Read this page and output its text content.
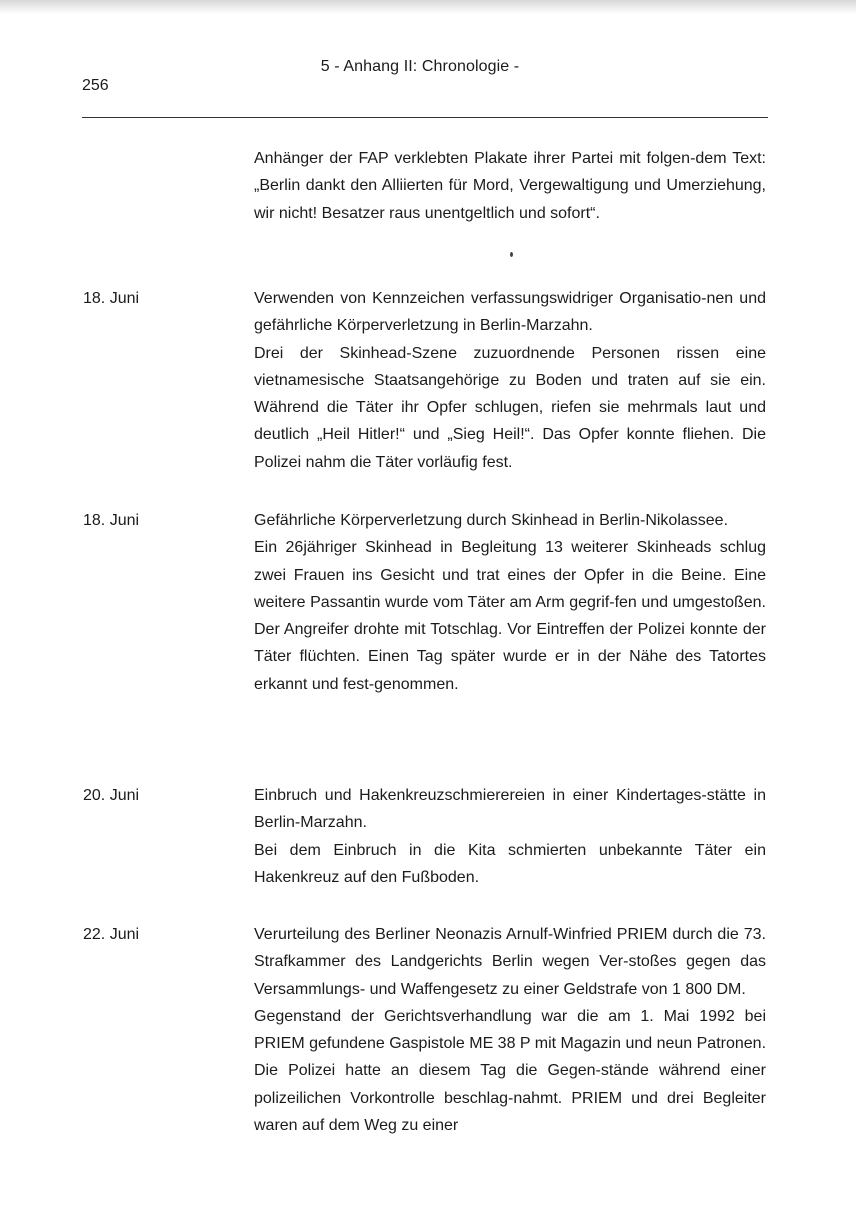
5 - Anhang II: Chronologie -
256

Anhänger der FAP verklebten Plakate ihrer Partei mit folgen-dem Text: „Berlin dankt den Alliierten für Mord, Vergewaltigung und Umerziehung, wir nicht! Besatzer raus unentgeltlich und sofort“.

18. Juni	Verwenden von Kennzeichen verfassungswidriger Organisatio-nen und gefährliche Körperverletzung in Berlin-Marzahn.

Drei der Skinhead-Szene zuzuordnende Personen rissen eine vietnamesische Staatsangehörige zu Boden und traten auf sie ein. Während die Täter ihr Opfer schlugen, riefen sie mehrmals laut und deutlich „Heil Hitler!“ und „Sieg Heil!“. Das Opfer konnte fliehen. Die Polizei nahm die Täter vorläufig fest.

18. Juni	Gefährliche Körperverletzung durch Skinhead in Berlin-Nikolassee.

Ein 26jähriger Skinhead in Begleitung 13 weiterer Skinheads schlug zwei Frauen ins Gesicht und trat eines der Opfer in die Beine. Eine weitere Passantin wurde vom Täter am Arm gegrif-fen und umgestoßen. Der Angreifer drohte mit Totschlag. Vor Eintreffen der Polizei konnte der Täter flüchten. Einen Tag später wurde er in der Nähe des Tatortes erkannt und fest-genommen.

20. Juni	Einbruch und Hakenkreuzschmierereien in einer Kindertages-stätte in Berlin-Marzahn.

Bei dem Einbruch in die Kita schmierten unbekannte Täter ein Hakenkreuz auf den Fußboden.

22. Juni	Verurteilung des Berliner Neonazis Arnulf-Winfried PRIEM durch die 73. Strafkammer des Landgerichts Berlin wegen Ver-stoßes gegen das Versammlungs- und Waffengesetz zu einer Geldstrafe von 1 800 DM.

Gegenstand der Gerichtsverhandlung war die am 1. Mai 1992 bei PRIEM gefundene Gaspistole ME 38 P mit Magazin und neun Patronen. Die Polizei hatte an diesem Tag die Gegen-stände während einer polizeilichen Vorkontrolle beschlag-nahmt. PRIEM und drei Begleiter waren auf dem Weg zu einer
